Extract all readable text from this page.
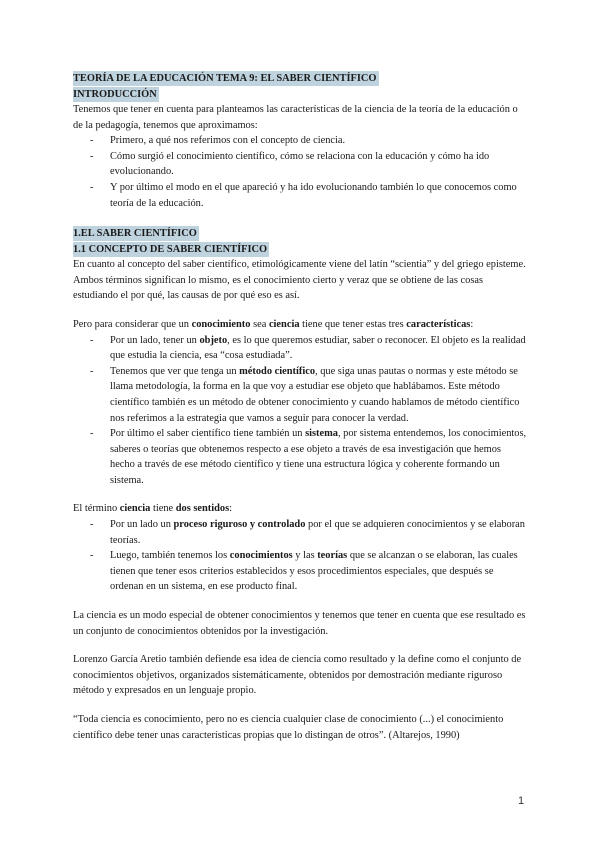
TEORÍA DE LA EDUCACIÓN TEMA 9: EL SABER CIENTÍFICO
INTRODUCCIÓN

Tenemos que tener en cuenta para planteamos las características de la ciencia de la teoría de la educación o de la pedagogía, tenemos que aproximamos:

- Primero, a qué nos referimos con el concepto de ciencia.
- Cómo surgió el conocimiento científico, cómo se relaciona con la educación y cómo ha ido evolucionando.
- Y por último el modo en el que apareció y ha ido evolucionando también lo que conocemos como teoría de la educación.
1.EL SABER CIENTÍFICO
1.1 CONCEPTO DE SABER CIENTÍFICO

En cuanto al concepto del saber científico, etimológicamente viene del latín “scientia” y del griego episteme.

Ambos términos significan lo mismo, es el conocimiento cierto y veraz que se obtiene de las cosas estudiando el por qué, las causas de por qué eso es así.

Pero para considerar que un conocimiento sea ciencia tiene que tener estas tres características:

- Por un lado, tener un objeto, es lo que queremos estudiar, saber o reconocer. El objeto es la realidad que estudia la ciencia, esa “cosa estudiada”.
- Tenemos que ver que tenga un método científico, que siga unas pautas o normas y este método se llama metodología, la forma en la que voy a estudiar ese objeto que hablábamos. Este método científico también es un método de obtener conocimiento y cuando hablamos de método científico nos referimos a la estrategia que vamos a seguir para conocer la verdad.
- Por último el saber científico tiene también un sistema, por sistema entendemos, los conocimientos, saberes o teorías que obtenemos respecto a ese objeto a través de esa investigación que hemos hecho a través de ese método científico y tiene una estructura lógica y coherente formando un sistema.

El término ciencia tiene dos sentidos:

- Por un lado un proceso riguroso y controlado por el que se adquieren conocimientos y se elaboran teorías.
- Luego, también tenemos los conocimientos y las teorías que se alcanzan o se elaboran, las cuales tienen que tener esos criterios establecidos y esos procedimientos especiales, que después se ordenan en un sistema, en ese producto final.

La ciencia es un modo especial de obtener conocimientos y tenemos que tener en cuenta que ese resultado es un conjunto de conocimientos obtenidos por la investigación.

Lorenzo García Aretio también defiende esa idea de ciencia como resultado y la define como el conjunto de conocimientos objetivos, organizados sistemáticamente, obtenidos por demostración mediante riguroso método y expresados en un lenguaje propio.

“Toda ciencia es conocimiento, pero no es ciencia cualquier clase de conocimiento (...) el conocimiento científico debe tener unas características propias que lo distingan de otros”. (Altarejos, 1990)

1
